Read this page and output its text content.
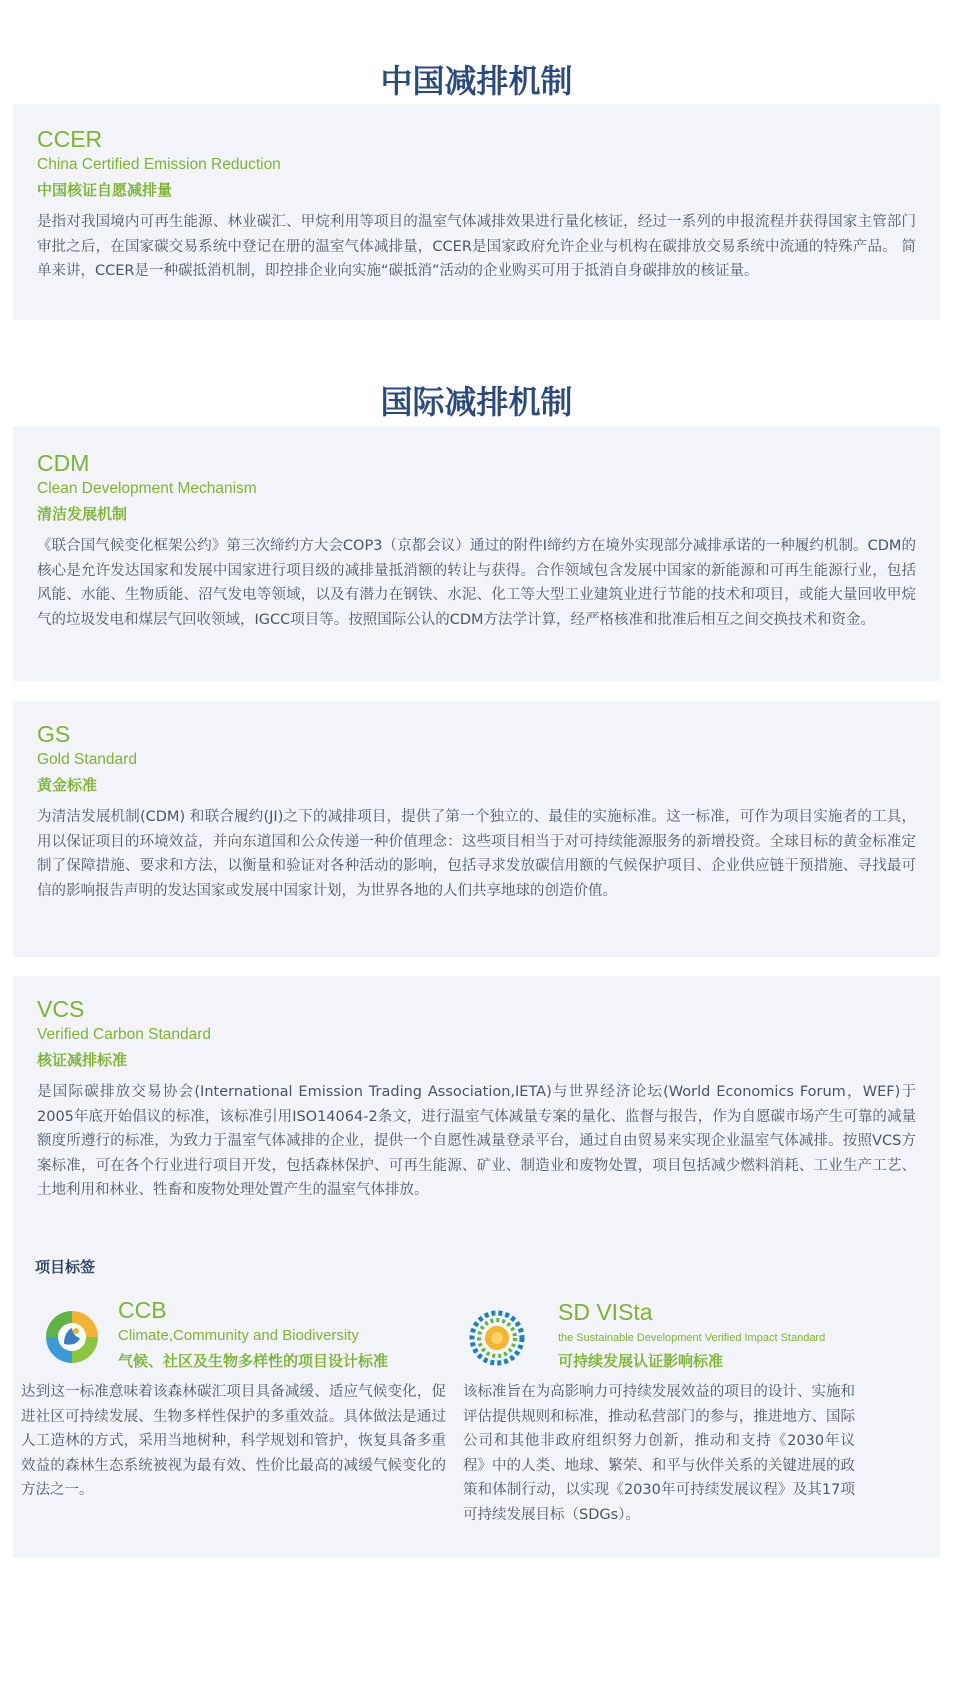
中国减排机制

CCER

China Certified Emission Reduction

中国核证自愿减排量

是指对我国境内可再生能源、林业碳汇、甲烷利用等项目的温室气体减排效果进行量化核证，经过一系列的申报流程并获得国家主管部门审批之后，在国家碳交易系统中登记在册的温室气体减排量，CCER是国家政府允许企业与机构在碳排放交易系统中流通的特殊产品。 简单来讲，CCER是一种碳抵消机制，即控排企业向实施“碳抵消”活动的企业购买可用于抵消自身碳排放的核证量。

国际减排机制

CDM

Clean Development Mechanism

清洁发展机制

《联合国气候变化框架公约》第三次缔约方大会COP3（京都会议）通过的附件I缔约方在境外实现部分减排承诺的一种履约机制。CDM的核心是允许发达国家和发展中国家进行项目级的减排量抵消额的转让与获得。合作领域包含发展中国家的新能源和可再生能源行业，包括风能、水能、生物质能、沼气发电等领域，以及有潜力在钢铁、水泥、化工等大型工业建筑业进行节能的技术和项目，或能大量回收甲烷气的垃圾发电和煤层气回收领域，IGCC项目等。按照国际公认的CDM方法学计算，经严格核准和批准后相互之间交换技术和资金。

GS

Gold Standard

黄金标准

为清洁发展机制(CDM) 和联合履约(JI)之下的减排项目，提供了第一个独立的、最佳的实施标准。这一标准，可作为项目实施者的工具，用以保证项目的环境效益，并向东道国和公众传递一种价值理念：这些项目相当于对可持续能源服务的新增投资。全球目标的黄金标准定制了保障措施、要求和方法，以衡量和验证对各种活动的影响，包括寻求发放碳信用额的气候保护项目、企业供应链干预措施、寻找最可信的影响报告声明的发达国家或发展中国家计划，为世界各地的人们共享地球的创造价值。

VCS

Verified Carbon Standard

核证减排标准

是国际碳排放交易协会(International Emission Trading Association,IETA)与世界经济论坛(World Economics Forum，WEF)于2005年底开始倡议的标准，该标准引用ISO14064-2条文，进行温室气体减量专案的量化、监督与报告，作为自愿碳市场产生可靠的减量额度所遵行的标准，为致力于温室气体减排的企业，提供一个自愿性减量登录平台，通过自由贸易来实现企业温室气体减排。按照VCS方案标准，可在各个行业进行项目开发，包括森林保护、可再生能源、矿业、制造业和废物处置，项目包括减少燃料消耗、工业生产工艺、土地利用和林业、牲畜和废物处理处置产生的温室气体排放。

项目标签

CCB

Climate,Community and Biodiversity

气候、社区及生物多样性的项目设计标准

达到这一标准意味着该森林碳汇项目具备减缓、适应气候变化，促进社区可持续发展、生物多样性保护的多重效益。具体做法是通过人工造林的方式，采用当地树种，科学规划和管护，恢复具备多重效益的森林生态系统被视为最有效、性价比最高的减缓气候变化的方法之一。

SD VISta

the Sustainable Development Verified Impact Standard

可持续发展认证影响标准

该标准旨在为高影响力可持续发展效益的项目的设计、实施和评估提供规则和标准，推动私营部门的参与，推进地方、国际公司和其他非政府组织努力创新，推动和支持《2030年议程》中的人类、地球、繁荣、和平与伙伴关系的关键进展的政策和体制行动，以实现《2030年可持续发展议程》及其17项可持续发展目标（SDGs）。
